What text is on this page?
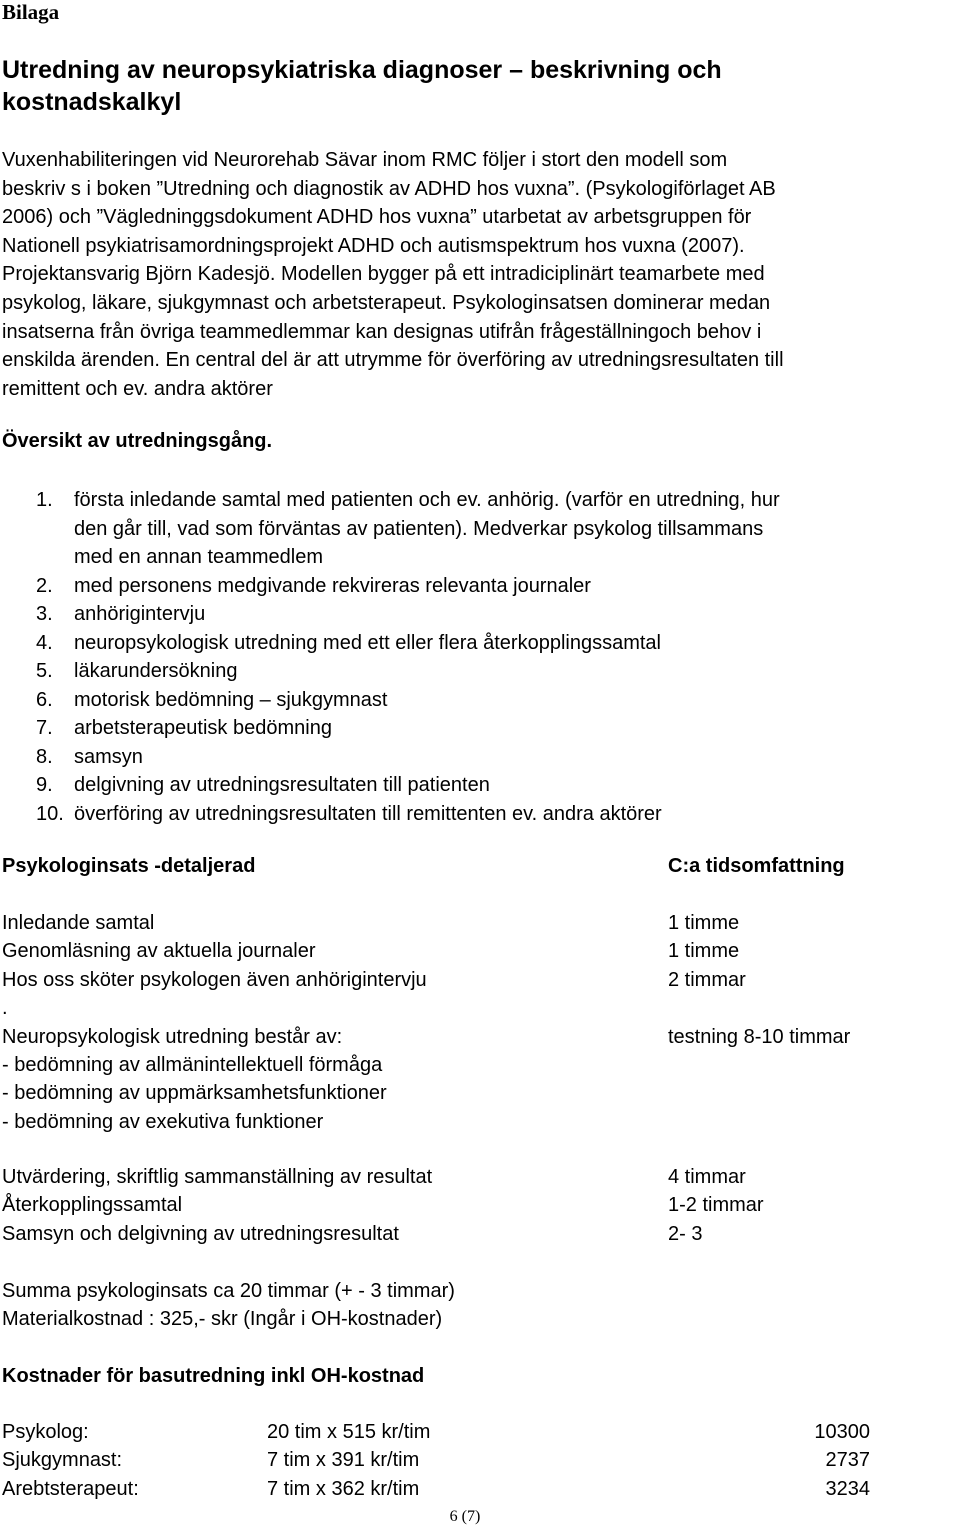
Bilaga
Utredning av neuropsykiatriska diagnoser – beskrivning och kostnadskalkyl
Vuxenhabiliteringen vid Neurorehab Sävar inom RMC följer i stort den modell som
beskriv s i boken ”Utredning och diagnostik av ADHD hos vuxna”. (Psykologiförlaget AB
2006) och ”Vägledninggsdokument ADHD hos vuxna” utarbetat av arbetsgruppen för
Nationell psykiatrisamordningsprojekt ADHD och autismspektrum hos vuxna (2007).
Projektansvarig Björn Kadesjö. Modellen bygger på ett intradiciplinärt teamarbete med
psykolog, läkare, sjukgymnast och arbetsterapeut. Psykologinsatsen dominerar medan
insatserna från övriga teammedlemmar kan designas utifrån frågeställningoch behov i
enskilda ärenden. En central del är att utrymme för överföring av utredningsresultaten till
remittent och ev. andra aktörer
Översikt av utredningsgång.
1. första inledande samtal med patienten och ev. anhörig. (varför en utredning, hur
den går till, vad som förväntas av patienten). Medverkar psykolog tillsammans
med en annan teammedlem
2. med personens medgivande rekvireras relevanta journaler
3. anhörigintervju
4. neuropsykologisk utredning med ett eller flera återkopplingssamtal
5. läkarundersökning
6. motorisk bedömning – sjukgymnast
7. arbetsterapeutisk bedömning
8. samsyn
9. delgivning av utredningsresultaten till patienten
10. överföring av utredningsresultaten till remittenten ev. andra aktörer
Psykologinsats -detaljerad	C:a tidsomfattning
Inledande samtal	1 timme
Genomläsning av aktuella journaler	1 timme
Hos oss sköter psykologen även anhörigintervju	2 timmar
.
Neuropsykologisk utredning består av:	testning 8-10 timmar
- bedömning av allmänintellektuell förmåga
- bedömning av uppmärksamhetsfunktioner
- bedömning av exekutiva funktioner
Utvärdering, skriftlig sammanställning av resultat	4 timmar
Återkopplingssamtal	1-2 timmar
Samsyn och delgivning av utredningsresultat	2- 3
Summa psykologinsats ca 20 timmar (+ - 3 timmar)
Materialkostnad : 325,- skr (Ingår i OH-kostnader)
Kostnader för basutredning inkl OH-kostnad
Psykolog:	20 tim x 515 kr/tim	10300
Sjukgymnast:	7 tim x 391 kr/tim	2737
Arebtsterapeut:	7 tim x 362 kr/tim	3234
6 (7)
